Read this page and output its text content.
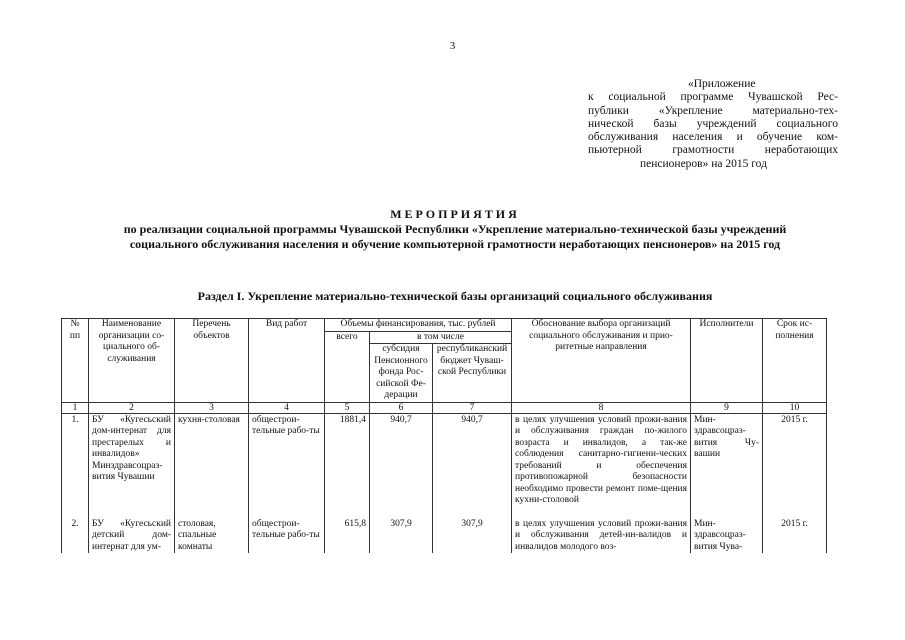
3
«Приложение
к социальной программе Чувашской Рес-
публики «Укрепление материально-тех-
нической базы учреждений социального
обслуживания населения и обучение ком-
пьютерной грамотности неработающих
пенсионеров» на 2015 год
МЕРОПРИЯТИЯ
по реализации социальной программы Чувашской Республики «Укрепление материально-технической базы учреждений
социального обслуживания населения и обучение компьютерной грамотности неработающих пенсионеров» на 2015 год
Раздел I. Укрепление материально-технической базы организаций социального обслуживания
№ пп	Наименование организации со-циального об-служивания	Перечень объектов	Вид работ	Объемы финансирования, тыс. рублей			Обоснование выбора организаций социального обслуживания и прио-ритетные направления	Исполнители	Срок ис-полнения
				всего	в том числе				
					субсидия Пенсионного фонда Рос-сийской Фе-дерации	республиканский бюджет Чуваш-ской Республики			
1	2	3	4	5	6	7	8	9	10
1.	БУ «Кугесьский дом-интернат для престарелых и инвалидов» Минздравсоцраз-вития Чувашии	кухня-столовая	общестрои-тельные рабо-ты	1881,4	940,7	940,7	в целях улучшения условий прожи-вания и обслуживания граждан по-жилого возраста и инвалидов, а так-же соблюдения санитарно-гигиени-ческих требований и обеспечения противопожарной безопасности необходимо провести ремонт поме-щения кухни-столовой	Мин-здравсоцраз-вития Чу-вашии	2015 г.
2.	БУ «Кугесьский детский дом-интернат для ум-	столовая, спальные комнаты	общестрои-тельные рабо-ты	615,8	307,9	307,9	в целях улучшения условий прожи-вания и обслуживания детей-ин-валидов и инвалидов молодого воз-	Мин-здравсоцраз-вития Чува-	2015 г.
